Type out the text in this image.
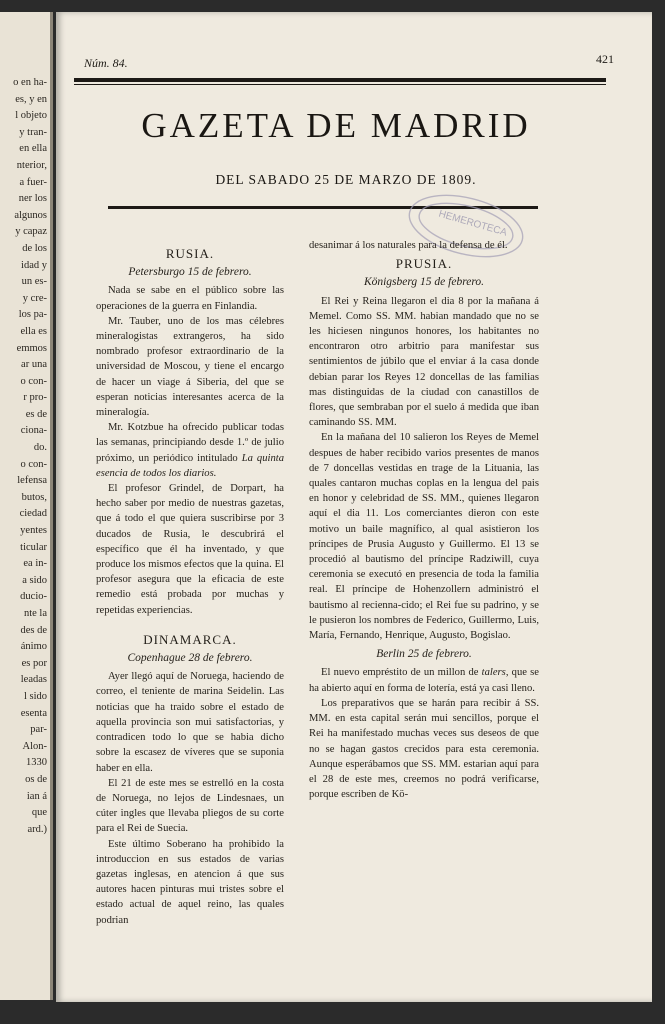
o en ha-
es, y en
l objeto
y tran-
en ella
nterior,
a fuer-
ner los
algunos
y capaz
de los
idad y
un es-
y cre-
los pa-
ella es
emmos
ar una
o con-
r pro-
es de
ciona-
do.
o con-
lefensa
butos,
ciedad
yentes
ticular
ea in-
a sido
ducio-
nte la
des de
ánimo
es por
leadas
l sido
esenta
par-
Alon-
1330
os de
ian á
que
ard.)
Núm. 84.	421
GAZETA DE MADRID
DEL SABADO 25 DE MARZO DE 1809.
HEMEROTECA
RUSIA.
Petersburgo 15 de febrero.

Nada se sabe en el público sobre las operaciones de la guerra en Finlandia.

Mr. Tauber, uno de los mas célebres mineralogistas extrangeros, ha sido nombrado profesor extraordinario de la universidad de Moscou, y tiene el encargo de hacer un viage á Siberia, del que se esperan noticias interesantes acerca de la mineralogía.

Mr. Kotzbue ha ofrecido publicar todas las semanas, principiando desde 1.º de julio próximo, un periódico intitulado La quinta esencia de todos los diarios.

El profesor Grindel, de Dorpart, ha hecho saber por medio de nuestras gazetas, que á todo el que quiera suscribirse por 3 ducados de Rusia, le descubrirá el específico que él ha inventado, y que produce los mismos efectos que la quina. El profesor asegura que la eficacia de este remedio está probada por muchas y repetidas experiencias.

DINAMARCA.
Copenhague 28 de febrero.

Ayer llegó aquí de Noruega, haciendo de correo, el teniente de marina Seidelin. Las noticias que ha traido sobre el estado de aquella provincia son mui satisfactorias, y contradicen todo lo que se habia dicho sobre la escasez de víveres que se suponia haber en ella.

El 21 de este mes se estrelló en la costa de Noruega, no lejos de Lindesnaes, un cúter ingles que llevaba pliegos de su corte para el Rei de Suecia.

Este último Soberano ha prohibido la introduccion en sus estados de varias gazetas inglesas, en atencion á que sus autores hacen pinturas mui tristes sobre el estado actual de aquel reino, las quales podrian

desanimar á los naturales para la defensa de él.

PRUSIA.
Königsberg 15 de febrero.

El Rei y Reina llegaron el dia 8 por la mañana á Memel. Como SS. MM. habian mandado que no se les hiciesen ningunos honores, los habitantes no encontraron otro arbitrio para manifestar sus sentimientos de júbilo que el enviar á la casa donde debian parar los Reyes 12 doncellas de las familias mas distinguidas de la ciudad con canastillos de flores, que sembraban por el suelo á medida que iban caminando SS. MM.

En la mañana del 10 salieron los Reyes de Memel despues de haber recibido varios presentes de manos de 7 doncellas vestidas en trage de la Lituania, las quales cantaron muchas coplas en la lengua del pais en honor y celebridad de SS. MM., quienes llegaron aquí el dia 11. Los comerciantes dieron con este motivo un baile magnífico, al qual asistieron los príncipes de Prusia Augusto y Guillermo. El 13 se procedió al bautismo del príncipe Radziwill, cuya ceremonia se executó en presencia de toda la familia real. El príncipe de Hohenzollern administró el bautismo al recienna-cido; el Rei fue su padrino, y se le pusieron los nombres de Federico, Guillermo, Luis, María, Fernando, Henrique, Augusto, Bogislao.

Berlin 25 de febrero.

El nuevo empréstito de un millon de talers, que se ha abierto aquí en forma de lotería, está ya casi lleno.

Los preparativos que se harán para recibir á SS. MM. en esta capital serán mui sencillos, porque el Rei ha manifestado muchas veces sus deseos de que no se hagan gastos crecidos para esta ceremonia. Aunque esperábamos que SS. MM. estarian aquí para el 28 de este mes, creemos no podrá verificarse, porque escriben de Kö-
